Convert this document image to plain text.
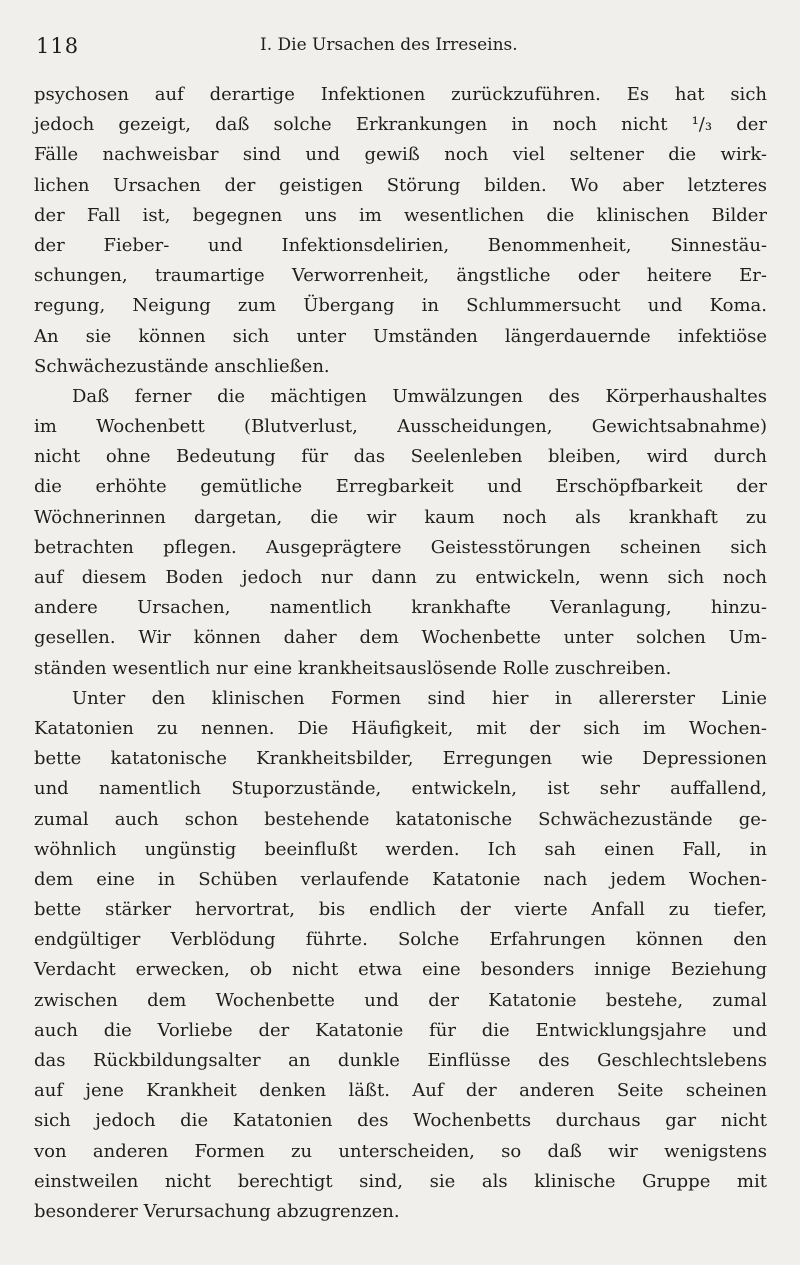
118	I. Die Ursachen des Irreseins.
psychosen auf derartige Infektionen zurückzuführen. Es hat sich
jedoch gezeigt, daß solche Erkrankungen in noch nicht ¹/₃ der
Fälle nachweisbar sind und gewiß noch viel seltener die wirk-
lichen Ursachen der geistigen Störung bilden. Wo aber letzteres
der Fall ist, begegnen uns im wesentlichen die klinischen Bilder
der Fieber- und Infektionsdelirien, Benommenheit, Sinnestäu-
schungen, traumartige Verworrenheit, ängstliche oder heitere Er-
regung, Neigung zum Übergang in Schlummersucht und Koma.
An sie können sich unter Umständen längerdauernde infektiöse
Schwächezustände anschließen.
Daß ferner die mächtigen Umwälzungen des Körperhaushaltes
im Wochenbett (Blutverlust, Ausscheidungen, Gewichtsabnahme)
nicht ohne Bedeutung für das Seelenleben bleiben, wird durch
die erhöhte gemütliche Erregbarkeit und Erschöpfbarkeit der
Wöchnerinnen dargetan, die wir kaum noch als krankhaft zu
betrachten pflegen. Ausgeprägtere Geistesstörungen scheinen sich
auf diesem Boden jedoch nur dann zu entwickeln, wenn sich noch
andere Ursachen, namentlich krankhafte Veranlagung, hinzu-
gesellen. Wir können daher dem Wochenbette unter solchen Um-
ständen wesentlich nur eine krankheitsauslösende Rolle zuschreiben.
Unter den klinischen Formen sind hier in allererster Linie
Katatonien zu nennen. Die Häufigkeit, mit der sich im Wochen-
bette katatonische Krankheitsbilder, Erregungen wie Depressionen
und namentlich Stuporzustände, entwickeln, ist sehr auffallend,
zumal auch schon bestehende katatonische Schwächezustände ge-
wöhnlich ungünstig beeinflußt werden. Ich sah einen Fall, in
dem eine in Schüben verlaufende Katatonie nach jedem Wochen-
bette stärker hervortrat, bis endlich der vierte Anfall zu tiefer,
endgültiger Verblödung führte. Solche Erfahrungen können den
Verdacht erwecken, ob nicht etwa eine besonders innige Beziehung
zwischen dem Wochenbette und der Katatonie bestehe, zumal
auch die Vorliebe der Katatonie für die Entwicklungsjahre und
das Rückbildungsalter an dunkle Einflüsse des Geschlechtslebens
auf jene Krankheit denken läßt. Auf der anderen Seite scheinen
sich jedoch die Katatonien des Wochenbetts durchaus gar nicht
von anderen Formen zu unterscheiden, so daß wir wenigstens
einstweilen nicht berechtigt sind, sie als klinische Gruppe mit
besonderer Verursachung abzugrenzen.
